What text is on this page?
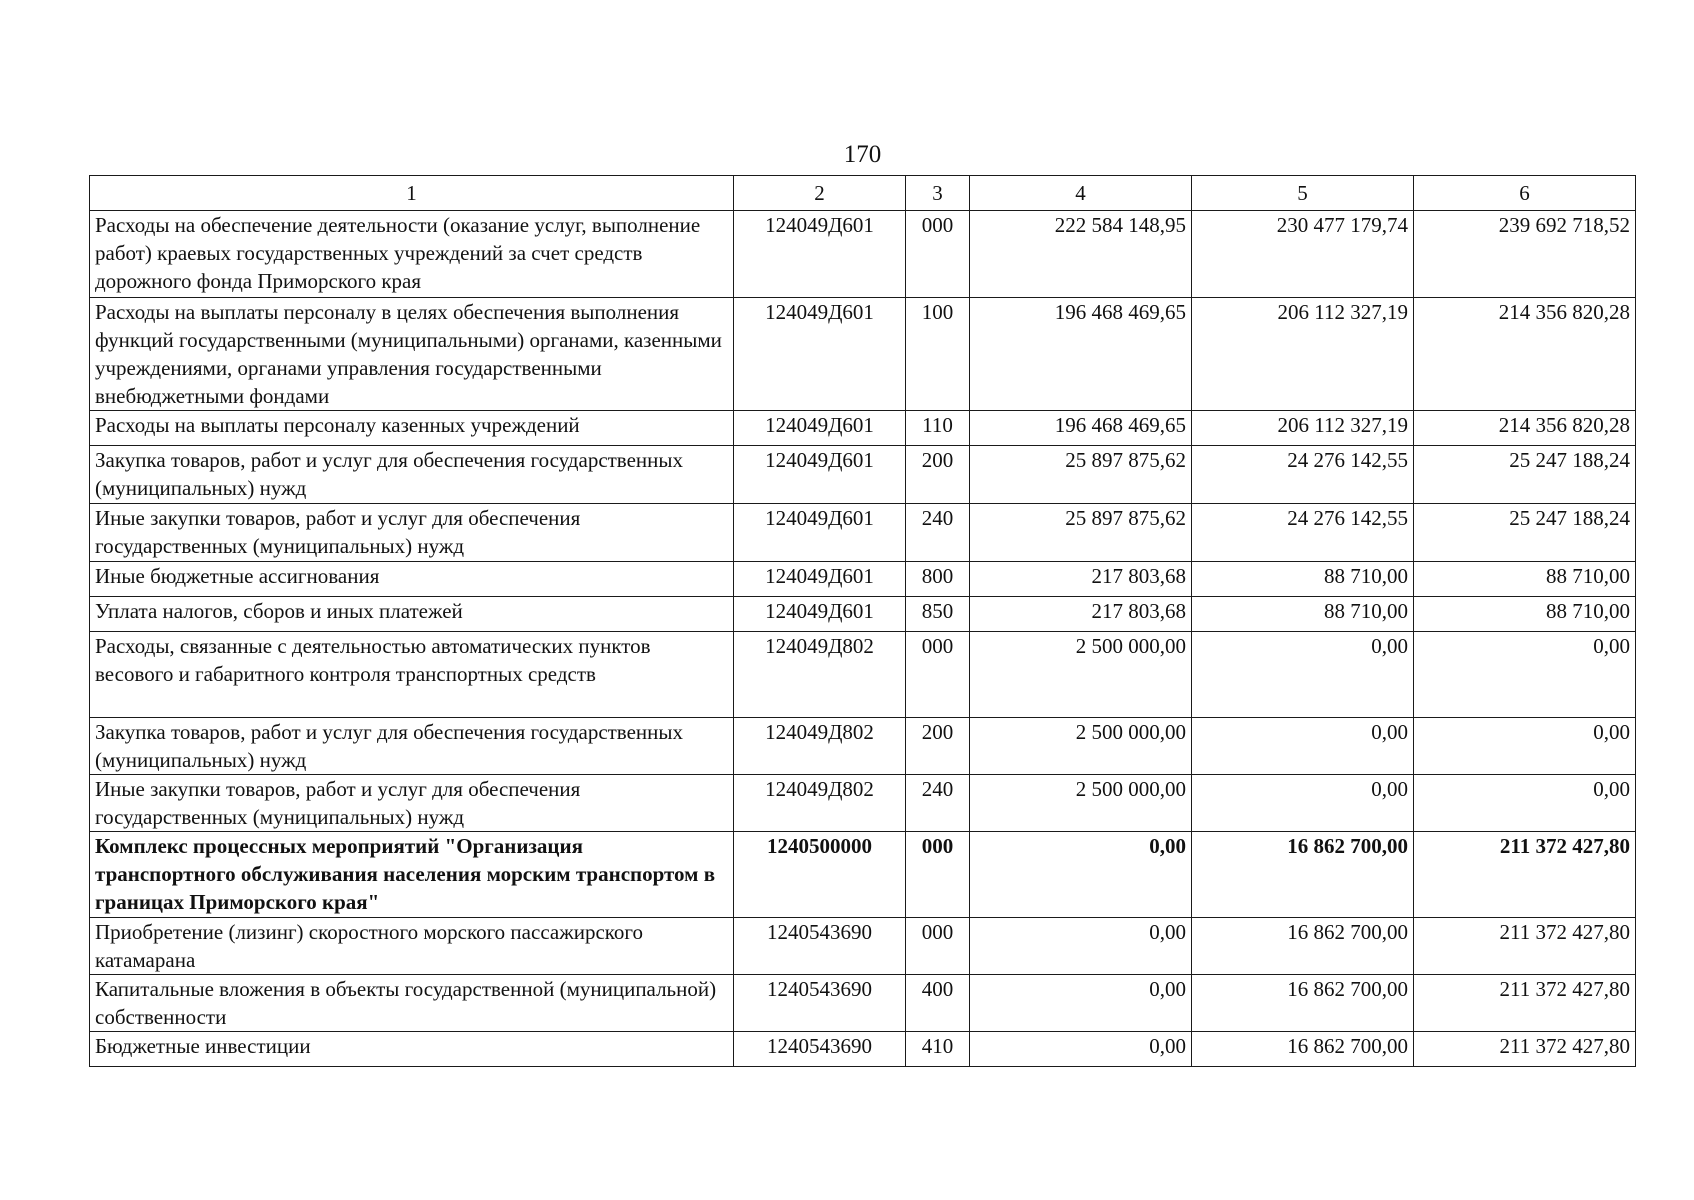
170
1	2	3	4	5	6
Расходы на обеспечение деятельности (оказание услуг, выполнение работ) краевых государственных учреждений за счет средств дорожного фонда Приморского края	124049Д601	000	222 584 148,95	230 477 179,74	239 692 718,52
Расходы на выплаты персоналу в целях обеспечения выполнения функций государственными (муниципальными) органами, казенными учреждениями, органами управления государственными внебюджетными фондами	124049Д601	100	196 468 469,65	206 112 327,19	214 356 820,28
Расходы на выплаты персоналу казенных учреждений	124049Д601	110	196 468 469,65	206 112 327,19	214 356 820,28
Закупка товаров, работ и услуг для обеспечения государственных (муниципальных) нужд	124049Д601	200	25 897 875,62	24 276 142,55	25 247 188,24
Иные закупки товаров, работ и услуг для обеспечения государственных (муниципальных) нужд	124049Д601	240	25 897 875,62	24 276 142,55	25 247 188,24
Иные бюджетные ассигнования	124049Д601	800	217 803,68	88 710,00	88 710,00
Уплата налогов, сборов и иных платежей	124049Д601	850	217 803,68	88 710,00	88 710,00
Расходы, связанные с деятельностью автоматических пунктов весового и габаритного контроля транспортных средств	124049Д802	000	2 500 000,00	0,00	0,00
Закупка товаров, работ и услуг для обеспечения государственных (муниципальных) нужд	124049Д802	200	2 500 000,00	0,00	0,00
Иные закупки товаров, работ и услуг для обеспечения государственных (муниципальных) нужд	124049Д802	240	2 500 000,00	0,00	0,00
Комплекс процессных мероприятий "Организация транспортного обслуживания населения морским транспортом в границах Приморского края"	1240500000	000	0,00	16 862 700,00	211 372 427,80
Приобретение (лизинг) скоростного морского пассажирского катамарана	1240543690	000	0,00	16 862 700,00	211 372 427,80
Капитальные вложения в объекты государственной (муниципальной) собственности	1240543690	400	0,00	16 862 700,00	211 372 427,80
Бюджетные инвестиции	1240543690	410	0,00	16 862 700,00	211 372 427,80
